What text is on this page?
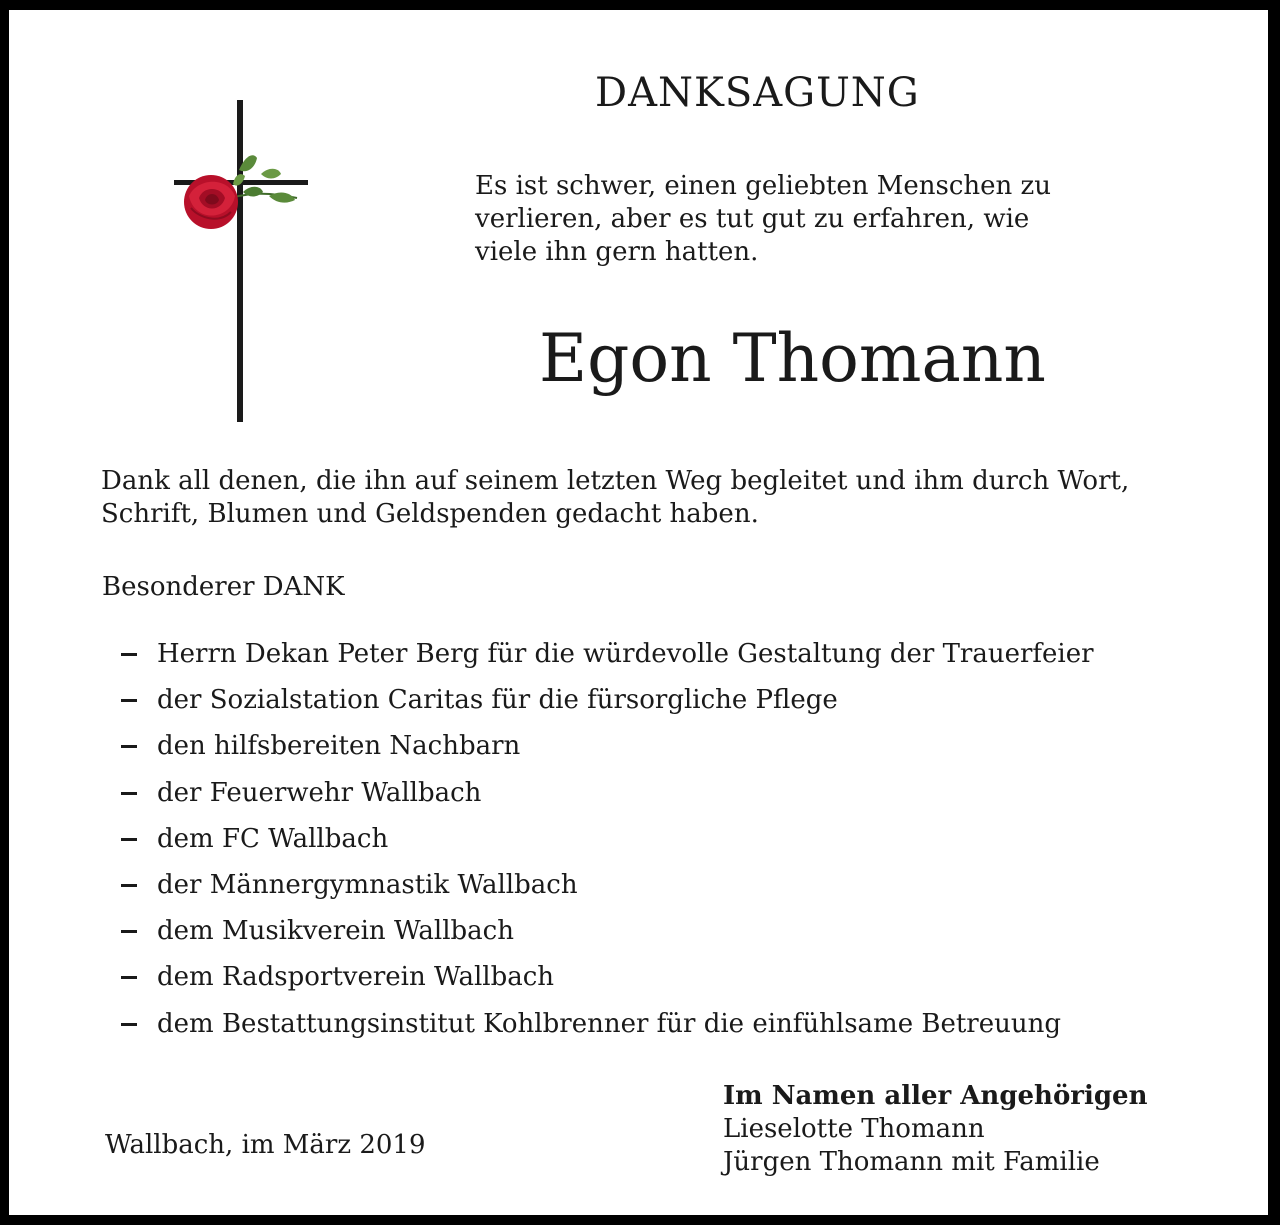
DANKSAGUNG
Es ist schwer, einen geliebten Menschen zu
verlieren, aber es tut gut zu erfahren, wie
viele ihn gern hatten.
Egon Thomann
Dank all denen, die ihn auf seinem letzten Weg begleitet und ihm durch Wort,
Schrift, Blumen und Geldspenden gedacht haben.
Besonderer DANK
Herrn Dekan Peter Berg für die würdevolle Gestaltung der Trauerfeier
der Sozialstation Caritas für die fürsorgliche Pflege
den hilfsbereiten Nachbarn
der Feuerwehr Wallbach
dem FC Wallbach
der Männergymnastik Wallbach
dem Musikverein Wallbach
dem Radsportverein Wallbach
dem Bestattungsinstitut Kohlbrenner für die einfühlsame Betreuung
Wallbach, im März 2019
Im Namen aller Angehörigen
Lieselotte Thomann
Jürgen Thomann mit Familie
